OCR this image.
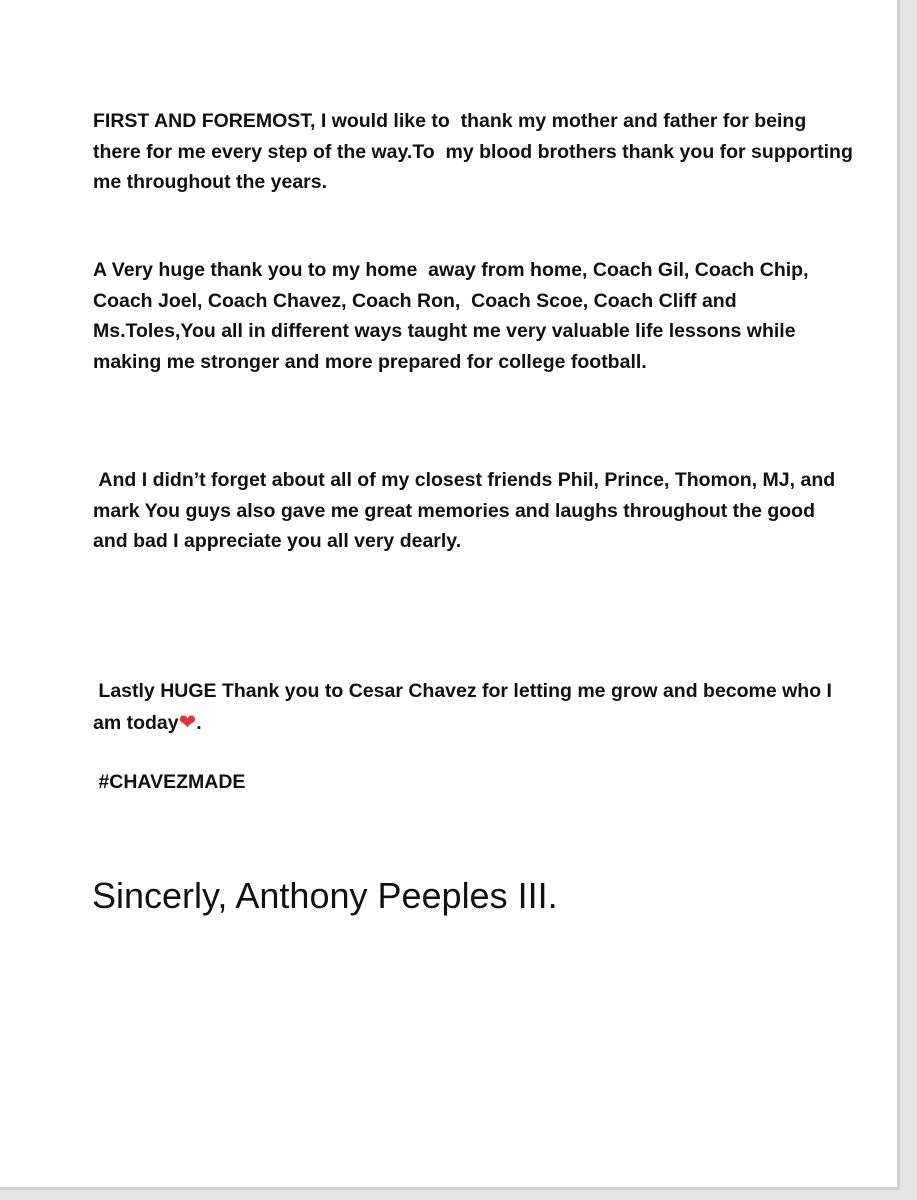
FIRST AND FOREMOST, I would like to  thank my mother and father for being there for me every step of the way.To  my blood brothers thank you for supporting me throughout the years.

A Very huge thank you to my home  away from home, Coach Gil, Coach Chip, Coach Joel, Coach Chavez, Coach Ron,  Coach Scoe, Coach Cliff and Ms.Toles,You all in different ways taught me very valuable life lessons while making me stronger and more prepared for college football.

And I didn’t forget about all of my closest friends Phil, Prince, Thomon, MJ, and mark You guys also gave me great memories and laughs throughout the good and bad I appreciate you all very dearly.

Lastly HUGE Thank you to Cesar Chavez for letting me grow and become who I am today❤.

#CHAVEZMADE

Sincerly, Anthony Peeples III.
